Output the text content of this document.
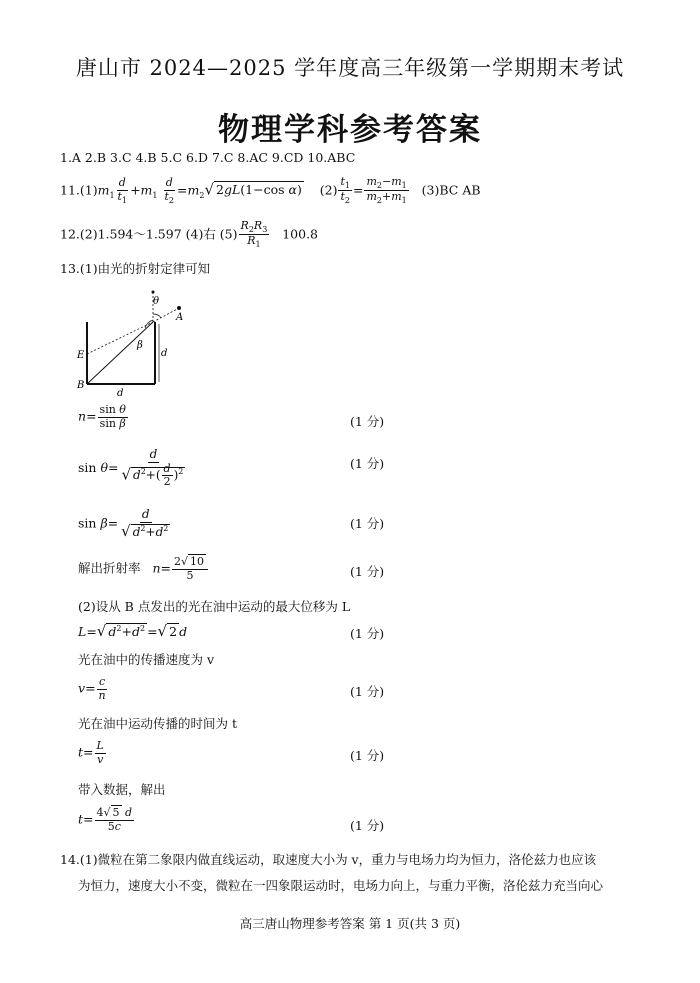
唐山市 2024—2025 学年度高三年级第一学期期末考试
物理学科参考答案
1.A 2.B 3.C 4.B 5.C 6.D 7.C 8.AC 9.CD 10.ABC
$11.(1)m_1 \frac{d}{t_1} +m_1 \frac{d}{t_2} =m_2√$ 2gL(1−cos α) $(2) \frac{t_1}{t_2} = \frac{m_2-m_1}{m_2+m_1} (3)BC$ AB
12.(2)1.594～1.597 (4)右 $(5) \frac{R_2R_3}{R_1} 100.8$
13.(1)由光的折射定律可知
θ
A
β
d
E
B
d
$n= \frac{\text{sin θ}}{\text{sin β}}$	(1 分)
$\sin \theta= \frac{d}{√ d^2+( \frac{d}{2} )^2}$	(1 分)
$\sin \beta= \frac{d}{√ d^2+d^2}$	(1 分)
解出折射率 $n= \frac{2√ 10}{5}$	(1 分)
(2)设从 B 点发出的光在油中运动的最大位移为 L
L=√ $d^2+d^2$ =√ 2 d	(1 分)
光在油中的传播速度为 v
$v= \frac{c}{n}$	(1 分)
光在油中运动传播的时间为 t
$t= \frac{L}{v}$	(1 分)
带入数据，解出
$t= \frac{4√ 5 d}{5c}$	(1 分)
14.(1)微粒在第二象限内做直线运动，取速度大小为 v，重力与电场力均为恒力，洛伦兹力也应该
为恒力，速度大小不变，微粒在一四象限运动时，电场力向上，与重力平衡，洛伦兹力充当向心
高三唐山物理参考答案 第 1 页(共 3 页)
